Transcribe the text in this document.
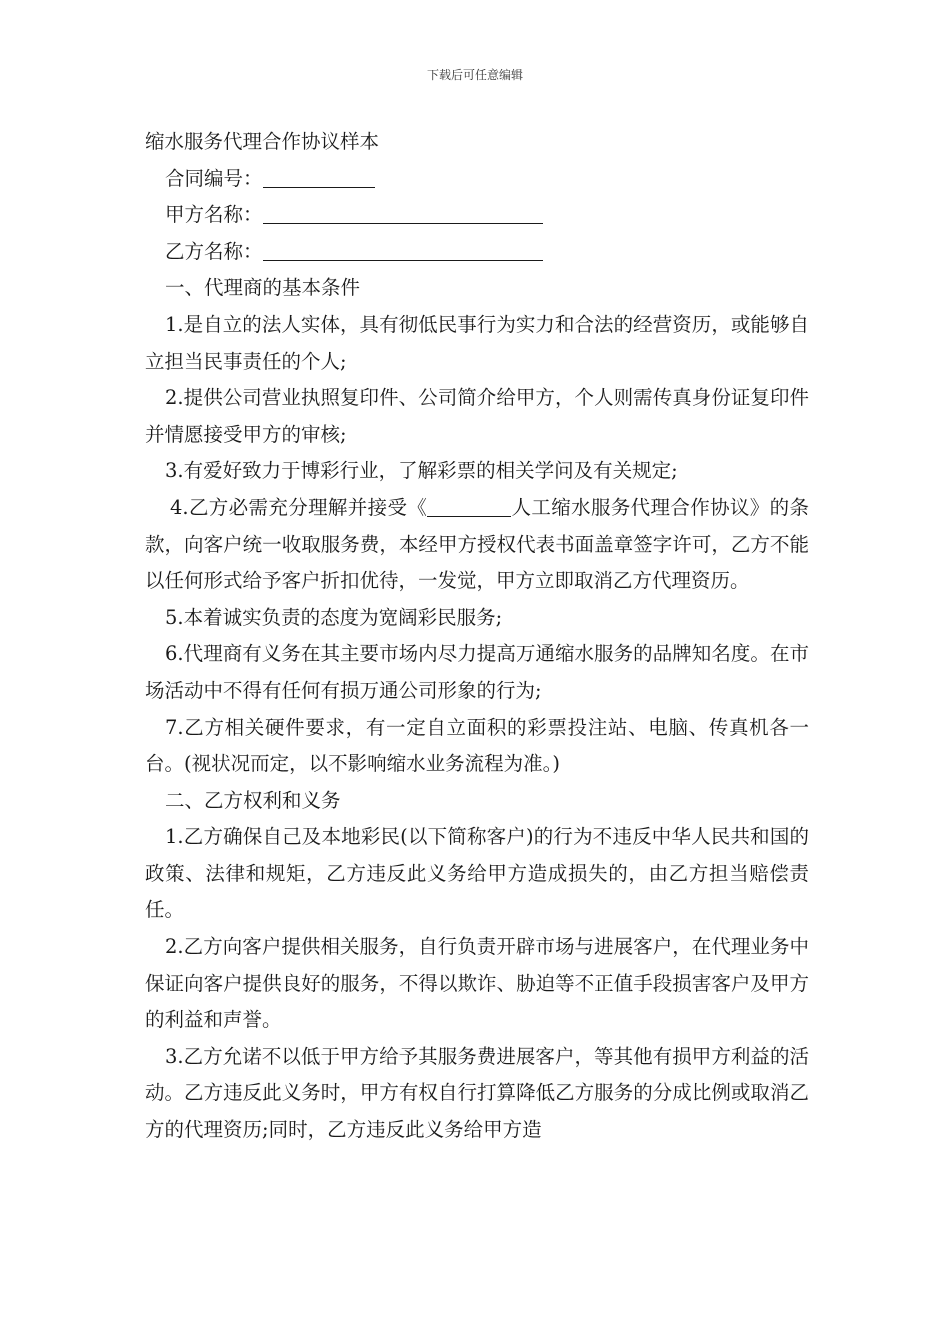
下载后可任意编辑

缩水服务代理合作协议样本

合同编号：

甲方名称：

乙方名称：

一、代理商的基本条件

1.是自立的法人实体，具有彻低民事行为实力和合法的经营资历，或能够自立担当民事责任的个人;

2.提供公司营业执照复印件、公司简介给甲方，个人则需传真身份证复印件并情愿接受甲方的审核;

3.有爱好致力于博彩行业，了解彩票的相关学问及有关规定;

4.乙方必需充分理解并接受《	人工缩水服务代理合作协议》的条款，向客户统一收取服务费，本经甲方授权代表书面盖章签字许可，乙方不能以任何形式给予客户折扣优待，一发觉，甲方立即取消乙方代理资历。

5.本着诚实负责的态度为宽阔彩民服务;

6.代理商有义务在其主要市场内尽力提高万通缩水服务的品牌知名度。在市场活动中不得有任何有损万通公司形象的行为;

7.乙方相关硬件要求，有一定自立面积的彩票投注站、电脑、传真机各一台。(视状况而定，以不影响缩水业务流程为准。)

二、乙方权利和义务

1.乙方确保自己及本地彩民(以下简称客户)的行为不违反中华人民共和国的政策、法律和规矩，乙方违反此义务给甲方造成损失的，由乙方担当赔偿责任。

2.乙方向客户提供相关服务，自行负责开辟市场与进展客户，在代理业务中保证向客户提供良好的服务，不得以欺诈、胁迫等不正值手段损害客户及甲方的利益和声誉。

3.乙方允诺不以低于甲方给予其服务费进展客户，等其他有损甲方利益的活动。乙方违反此义务时，甲方有权自行打算降低乙方服务的分成比例或取消乙方的代理资历;同时，乙方违反此义务给甲方造
